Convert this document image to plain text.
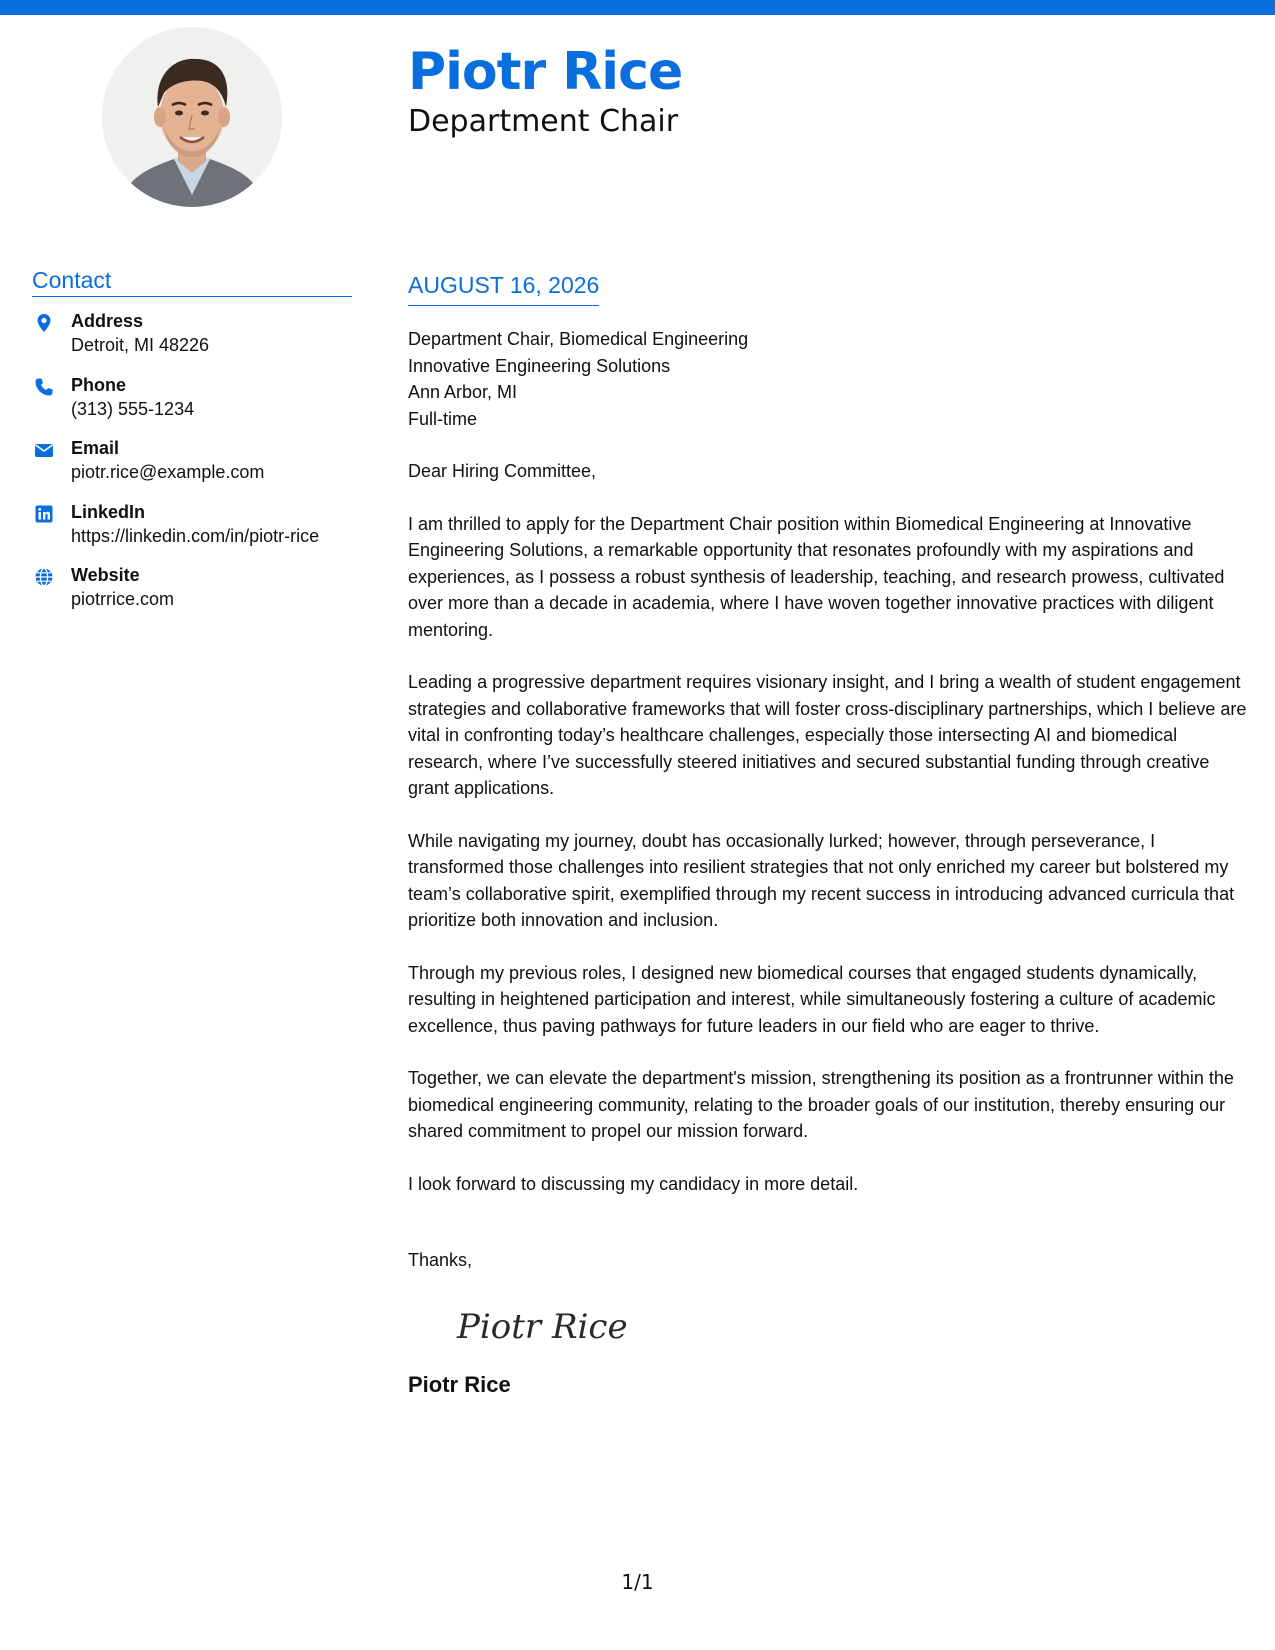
Piotr Rice
Department Chair
Contact
Address
Detroit, MI 48226
Phone
(313) 555-1234
Email
piotr.rice@example.com
LinkedIn
https://linkedin.com/in/piotr-rice
Website
piotrrice.com
AUGUST 16, 2026
Department Chair, Biomedical Engineering
Innovative Engineering Solutions
Ann Arbor, MI
Full-time
Dear Hiring Committee,
I am thrilled to apply for the Department Chair position within Biomedical Engineering at Innovative Engineering Solutions, a remarkable opportunity that resonates profoundly with my aspirations and experiences, as I possess a robust synthesis of leadership, teaching, and research prowess, cultivated over more than a decade in academia, where I have woven together innovative practices with diligent mentoring.
Leading a progressive department requires visionary insight, and I bring a wealth of student engagement strategies and collaborative frameworks that will foster cross-disciplinary partnerships, which I believe are vital in confronting today’s healthcare challenges, especially those intersecting AI and biomedical research, where I’ve successfully steered initiatives and secured substantial funding through creative grant applications.
While navigating my journey, doubt has occasionally lurked; however, through perseverance, I transformed those challenges into resilient strategies that not only enriched my career but bolstered my team’s collaborative spirit, exemplified through my recent success in introducing advanced curricula that prioritize both innovation and inclusion.
Through my previous roles, I designed new biomedical courses that engaged students dynamically, resulting in heightened participation and interest, while simultaneously fostering a culture of academic excellence, thus paving pathways for future leaders in our field who are eager to thrive.
Together, we can elevate the department's mission, strengthening its position as a frontrunner within the biomedical engineering community, relating to the broader goals of our institution, thereby ensuring our shared commitment to propel our mission forward.
I look forward to discussing my candidacy in more detail.
Thanks,
Piotr Rice
Piotr Rice
1/1
